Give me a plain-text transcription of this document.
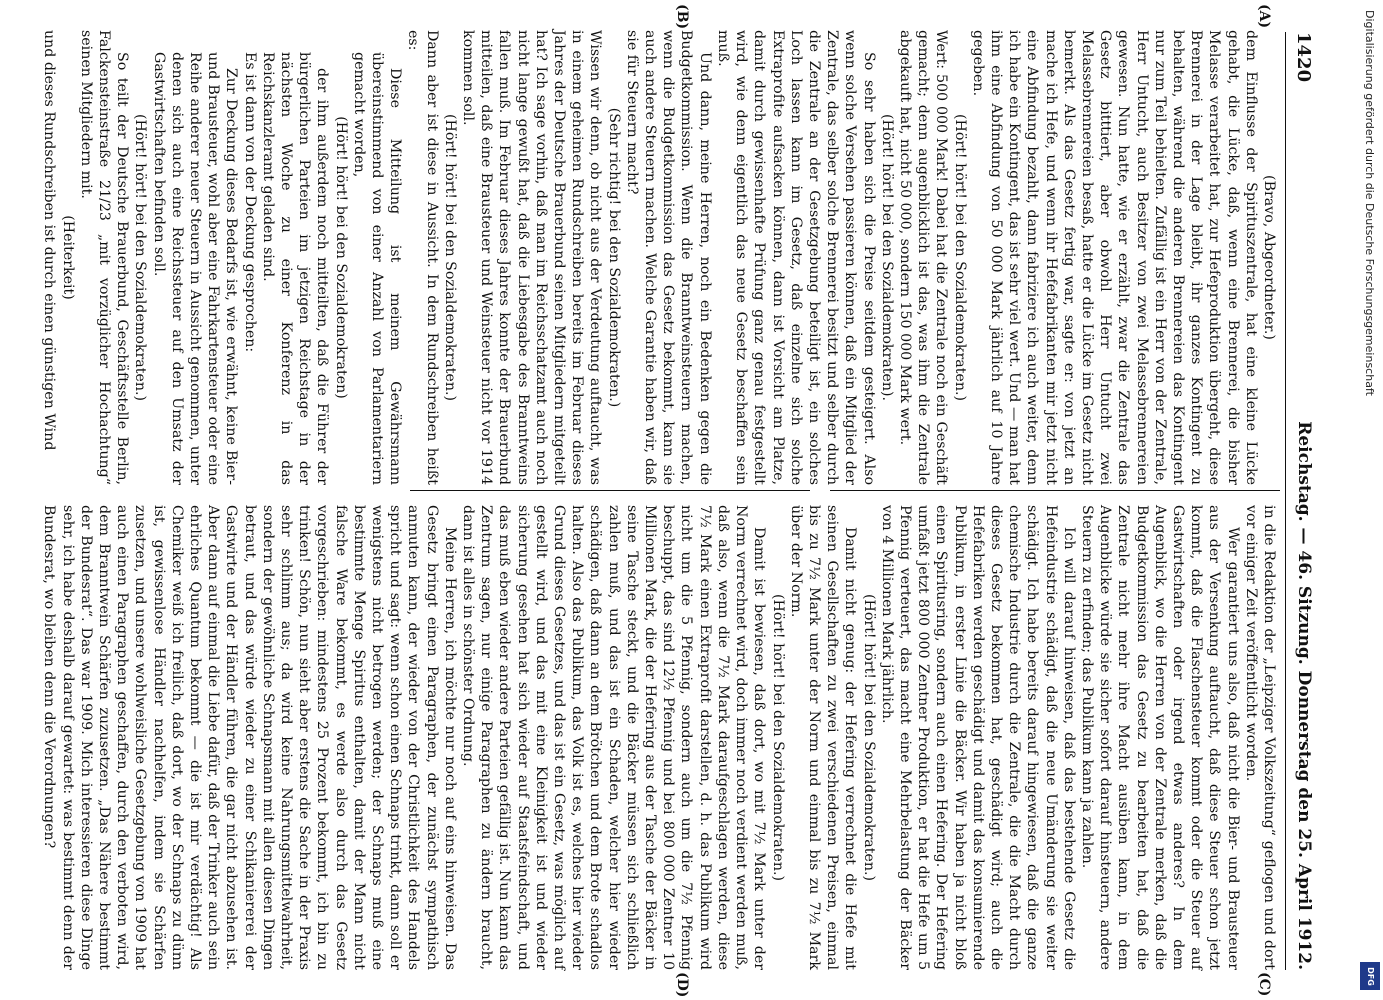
1420
Reichstag. — 46. Sitzung. Donnerstag den 25. April 1912.
(A)
(B)
(C)
(D)

(Bravo, Abgeordneter.)

dem Einflusse der Spirituszentrale, hat eine kleine Lücke gehabt, die Lücke, daß, wenn eine Brennerei, die bisher Melasse verarbeitet hat, zur Hefeproduktion übergeht, diese Brennerei in der Lage bleibt, ihr ganzes Kontingent zu behalten, während die anderen Brennereien das Kontingent nur zum Teil behielten. Zufällig ist ein Herr von der Zentrale, Herr Untucht, auch Besitzer von zwei Melassebrennereien gewesen. Nun hatte, wie er erzählt, zwar die Zentrale das Gesetz bitttiert, aber obwohl Herr Untucht zwei Melassebrennereien besaß, hatte er die Lücke im Gesetz nicht bemerkt. Als das Gesetz fertig war, sagte er: von jetzt an mache ich Hefe, und wenn ihr Hefefabrikanten mir jetzt nicht eine Abfindung bezahlt, dann fabriziere ich auch weiter, denn ich habe ein Kontingent, das ist sehr viel wert. Und — man hat ihm eine Abfindung von 50 000 Mark jährlich auf 10 Jahre gegeben.

(Hört! hört! bei den Sozialdemokraten.)

Wert: 500 000 Mark! Dabei hat die Zentrale noch ein Geschäft gemacht; denn augenblicklich ist das, was ihm die Zentrale abgekauft hat, nicht 50 000, sondern 150 000 Mark wert.

(Hört! hört! bei den Sozialdemokraten).

So sehr haben sich die Preise seitdem gesteigert. Also wenn solche Versehen passieren können, daß ein Mitglied der Zentrale, das selber solche Brennerei besitzt und selber durch die Zentrale an der Gesetzgebung beteiligt ist, ein solches Loch lassen kann im Gesetz, daß einzelne sich solche Extraprofite aufsacken können, dann ist Vorsicht am Platze, damit durch gewissenhafte Prüfung ganz genau festgestellt wird, wie denn eigentlich das neue Gesetz beschaffen sein muß.

Und dann, meine Herren, noch ein Bedenken gegen die Budgetkommission. Wenn die Branntweinsteuern machen, wenn die Budgetkommission das Gesetz bekommt, kann sie auch andere Steuern machen. Welche Garantie haben wir, daß sie für Steuern macht?

(Sehr richtig! bei den Sozialdemokraten.)

Wissen wir denn, ob nicht aus der Verdeutung auftaucht, was in einem geheimen Rundschreiben bereits im Februar dieses Jahres der Deutsche Brauerbund seinen Mitgliedern mitgeteilt hat? Ich sage vorhin, daß man im Reichsschatzamt auch noch nicht lange gewußt hat, daß die Liebesgabe des Branntweins fallen muß. Im Februar dieses Jahres konnte der Brauerbund mitteilen, daß eine Brausteuer und Weinsteuer nicht vor 1914 kommen soll.

(Hört! hört! bei den Sozialdemokraten.)

Dann aber ist diese in Aussicht. In dem Rundschreiben heißt es:

Diese Mitteilung ist meinem Gewährsmann übereinstimmend von einer Anzahl von Parlamentariern gemacht worden,

(Hört! hört! bei den Sozialdemokraten)

der ihm außerdem noch mitteilten, daß die Führer der bürgerlichen Parteien im jetzigen Reichstage in der nächsten Woche zu einer Konferenz in das Reichskanzleramt geladen sind.

Es ist dann von der Deckung gesprochen:

Zur Deckung dieses Bedarfs ist, wie erwähnt, keine Bier- und Brausteuer, wohl aber eine Fahrkartensteuer oder eine Reihe anderer neuer Steuern in Aussicht genommen, unter denen sich auch eine Reichssteuer auf den Umsatz der Gastwirtschaften befinden soll.

(Hört! hört! bei den Sozialdemokraten.)

So teilt der Deutsche Brauerbund, Geschäftsstelle Berlin, Falckensteinstraße 21/23 „mit vorzüglicher Hochachtung“ seinen Mitgliedern mit.

(Heiterkeit)

und dieses Rundschreiben ist durch einen günstigen Wind

in die Redaktion der „Leipziger Volkszeitung“ geflogen und dort vor einiger Zeit veröffentlicht worden.

Wer garantiert uns also, daß nicht die Bier- und Brausteuer aus der Versenkung auftaucht, daß diese Steuer schon jetzt kommt, daß die Flaschensteuer kommt oder die Steuer auf Gastwirtschaften oder irgend etwas anderes? In dem Augenblick, wo die Herren von der Zentrale merken, daß die Budgetkommission das Gesetz zu bearbeiten hat, daß die Zentrale nicht mehr ihre Macht ausüben kann, in dem Augenblicke würde sie sicher sofort darauf hinsteuern, andere Steuern zu erfinden; das Publikum kann ja zahlen.

Ich will darauf hinweisen, daß das bestehende Gesetz die Hefeindustrie schädigt, daß die neue Umänderung sie weiter schädigt. Ich habe bereits darauf hingewiesen, daß die ganze chemische Industrie durch die Zentrale, die die Macht durch dieses Gesetz bekommen hat, geschädigt wird; auch die Hefefabriken werden geschädigt und damit das konsumierende Publikum, in erster Linie die Bäcker. Wir haben ja nicht bloß einen Spiritusring, sondern auch einen Hefering. Der Hefering umfaßt jetzt 800 000 Zentner Produktion, er hat die Hefe um 5 Pfennig verteuert, das macht eine Mehrbelastung der Bäcker von 4 Millionen Mark jährlich.

(Hört! hört! bei den Sozialdemokraten.)

Damit nicht genug: der Hefering verrechnet die Hefe mit seinen Gesellschaften zu zwei verschiedenen Preisen, einmal bis zu 7½ Mark unter der Norm und einmal bis zu 7½ Mark über der Norm.

(Hört! hört! bei den Sozialdemokraten.)

Damit ist bewiesen, daß dort, wo mit 7½ Mark unter der Norm verrechnet wird, doch immer noch verdient werden muß, daß also, wenn die 7½ Mark daraufgeschlagen werden, diese 7½ Mark einen Extraprofit darstellen, d. h. das Publikum wird nicht um die 5 Pfennig, sondern auch um die 7½ Pfennig beschuppt, das sind 12½ Pfennig und bei 800 000 Zentner 10 Millionen Mark, die der Hefering aus der Tasche der Bäcker in seine Tasche steckt, und die Bäcker müssen sich schließlich zahlen muß, und das ist ein Schaden, welcher hier wieder schädigen, daß dann an dem Brötchen und dem Brote schadlos halten. Also das Publikum, das Volk ist es, welches hier wieder Grund dieses Gesetzes, und das ist ein Gesetz, was möglich auf gestellt wird, und das mit eine Kleinigkeit ist und wieder sicherung gesehen hat sich wieder auf Staatsfeindschaft, und das muß eben wieder andere Parteien gefällig ist. Nun kann das Zentrum sagen, nur einige Paragraphen zu ändern braucht, dann ist alles in schönster Ordnung.

Meine Herren, ich möchte nur noch auf eins hinweisen. Das Gesetz bringt einen Paragraphen, der zunächst sympathisch anmuten kann, der wieder von der Christlichkeit des Handels spricht und sagt: wenn schon einen Schnaps trinkt, dann soll er wenigstens nicht betrogen werden; der Schnaps muß eine bestimmte Menge Spiritus enthalten, damit der Mann nicht falsche Ware bekommt, es werde also durch das Gesetz vorgeschrieben: mindestens 25 Prozent bekommt, ich bin zu trinken! Schön, nun sieht aber erstens die Sache in der Praxis sehr schlimm aus; da wird keine Nahrungsmittelwahrheit, sondern der gewöhnliche Schnapsmann mit allen diesen Dingen betraut, und das würde wieder zu einer Schikaniererei der Gastwirte und der Händler führen, die gar nicht abzusehen ist. Aber dann auf einmal die Liebe dafür, daß der Trinker auch sein ehrliches Quantum bekommt — die ist mir verdächtig! Als Chemiker weiß ich freilich, daß dort, wo der Schnaps zu dünn ist, gewissenlose Händler nachhelfen, indem sie Schärfen zusetzen, und unsere wohlweisliche Gesetzgebung von 1909 hat auch einen Paragraphen geschaffen, durch den verboten wird, dem Branntwein Schärfen zuzusetzen. „Das Nähere bestimmt der Bundesrat“. Das war 1909. Mich interessieren diese Dinge sehr, ich habe deshalb darauf gewartet: was bestimmt denn der Bundesrat, wo bleiben denn die Verordnungen?

Digitalisierung gefördert durch die Deutsche Forschungsgemeinschaft
DFG
